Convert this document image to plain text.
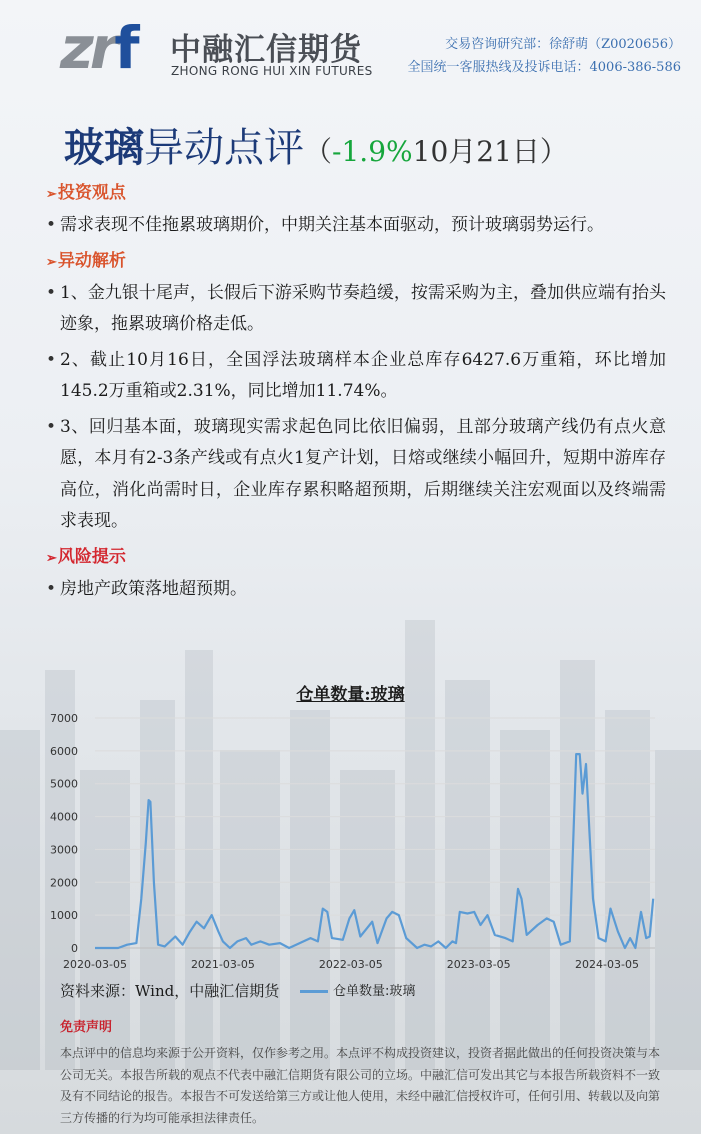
zrf 中融汇信期货
ZHONG RONG HUI XIN FUTURES
交易咨询研究部：徐舒萌（Z0020656）
全国统一客服热线及投诉电话：4006-386-586
玻璃异动点评（-1.9%10月21日）
➢投资观点
• 需求表现不佳拖累玻璃期价，中期关注基本面驱动，预计玻璃弱势运行。
➢异动解析
• 1、金九银十尾声，长假后下游采购节奏趋缓，按需采购为主，叠加供应端有抬头迹象，拖累玻璃价格走低。
• 2、截止10月16日，全国浮法玻璃样本企业总库存6427.6万重箱，环比增加145.2万重箱或2.31%，同比增加11.74%。
• 3、回归基本面，玻璃现实需求起色同比依旧偏弱，且部分玻璃产线仍有点火意愿，本月有2-3条产线或有点火1复产计划，日熔或继续小幅回升，短期中游库存高位，消化尚需时日，企业库存累积略超预期，后期继续关注宏观面以及终端需求表现。
➢风险提示
• 房地产政策落地超预期。
仓单数量:玻璃
0
1000
2000
3000
4000
5000
6000
7000
2020-03-05	2021-03-05	2022-03-05	2023-03-05	2024-03-05
资料来源：Wind，中融汇信期货	仓单数量:玻璃
免责声明
本点评中的信息均来源于公开资料，仅作参考之用。本点评不构成投资建议，投资者据此做出的任何投资决策与本公司无关。本报告所载的观点不代表中融汇信期货有限公司的立场。中融汇信可发出其它与本报告所载资料不一致及有不同结论的报告。本报告不可发送给第三方或让他人使用，未经中融汇信授权许可，任何引用、转载以及向第三方传播的行为均可能承担法律责任。
